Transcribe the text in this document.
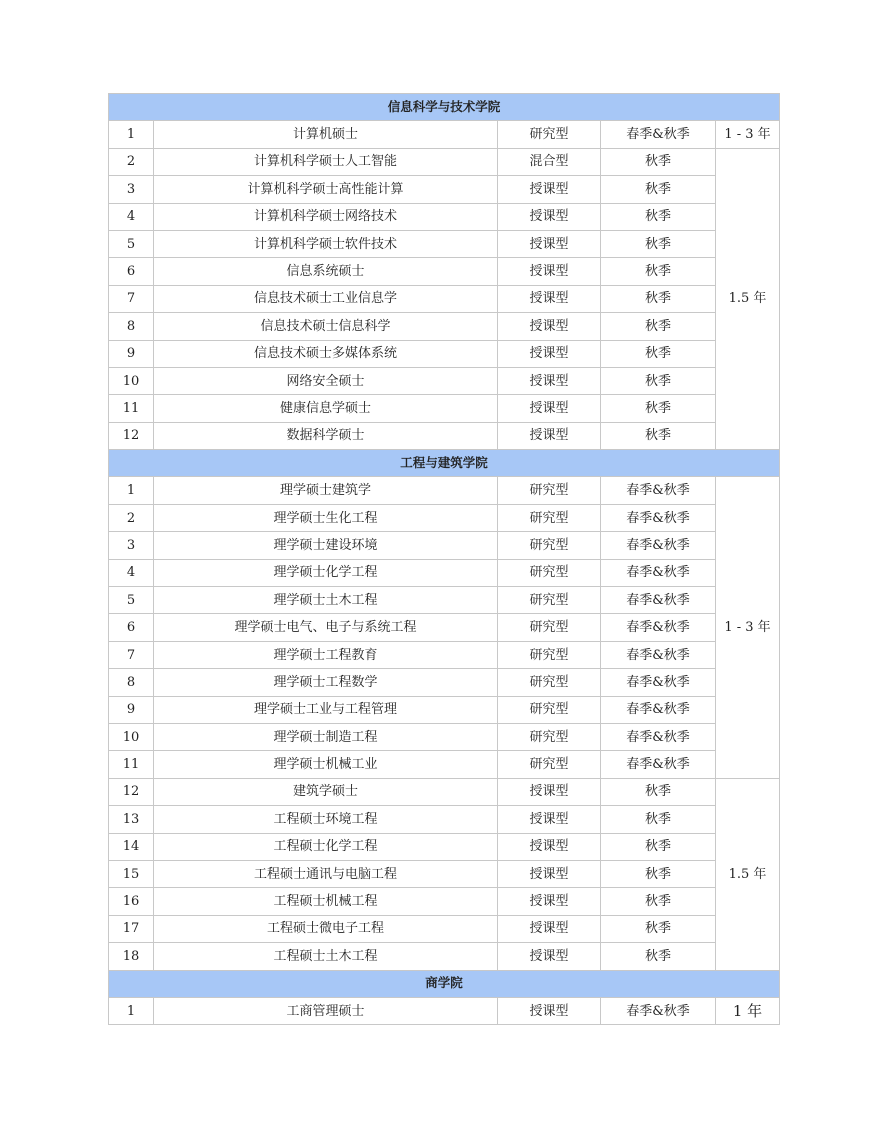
信息科学与技术学院				
1	计算机硕士	研究型	春季&秋季	1 - 3 年
2	计算机科学硕士人工智能	混合型	秋季	1.5 年
3	计算机科学硕士高性能计算	授课型	秋季	
4	计算机科学硕士网络技术	授课型	秋季	
5	计算机科学硕士软件技术	授课型	秋季	
6	信息系统硕士	授课型	秋季	
7	信息技术硕士工业信息学	授课型	秋季	
8	信息技术硕士信息科学	授课型	秋季	
9	信息技术硕士多媒体系统	授课型	秋季	
10	网络安全硕士	授课型	秋季	
11	健康信息学硕士	授课型	秋季	
12	数据科学硕士	授课型	秋季	
工程与建筑学院				
1	理学硕士建筑学	研究型	春季&秋季	1 - 3 年
2	理学硕士生化工程	研究型	春季&秋季	
3	理学硕士建设环境	研究型	春季&秋季	
4	理学硕士化学工程	研究型	春季&秋季	
5	理学硕士土木工程	研究型	春季&秋季	
6	理学硕士电气、电子与系统工程	研究型	春季&秋季	
7	理学硕士工程教育	研究型	春季&秋季	
8	理学硕士工程数学	研究型	春季&秋季	
9	理学硕士工业与工程管理	研究型	春季&秋季	
10	理学硕士制造工程	研究型	春季&秋季	
11	理学硕士机械工业	研究型	春季&秋季	
12	建筑学硕士	授课型	秋季	1.5 年
13	工程硕士环境工程	授课型	秋季	
14	工程硕士化学工程	授课型	秋季	
15	工程硕士通讯与电脑工程	授课型	秋季	
16	工程硕士机械工程	授课型	秋季	
17	工程硕士微电子工程	授课型	秋季	
18	工程硕士土木工程	授课型	秋季	
商学院				
1	工商管理硕士	授课型	春季&秋季	1 年
